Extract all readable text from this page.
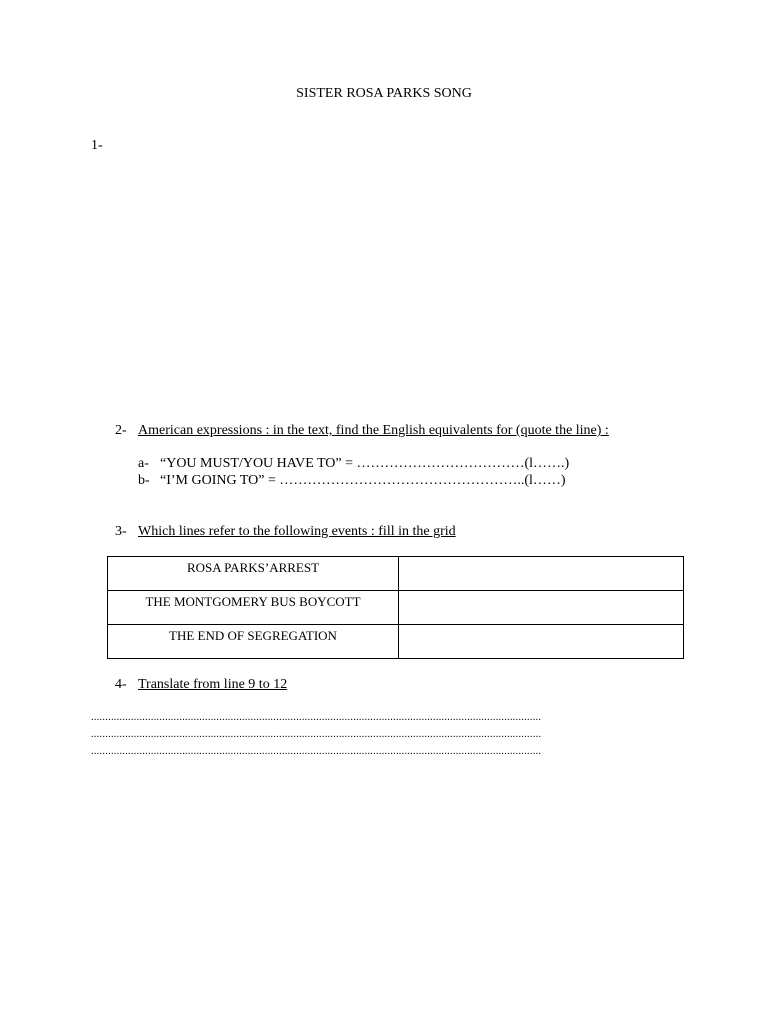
SISTER ROSA PARKS SONG
1-
2- American expressions : in the text, find the English equivalents for (quote the line) :
a- “YOU MUST/YOU HAVE TO” = ………………………………(l…….)
b- “I’M GOING TO” = ……………………………………………..(l……)
3- Which lines refer to the following events : fill in the grid
ROSA PARKS’ARREST	
THE MONTGOMERY BUS BOYCOTT	
THE END OF SEGREGATION	
4- Translate from line 9 to 12
..............................................................................................................................................................
..............................................................................................................................................................
..............................................................................................................................................................
